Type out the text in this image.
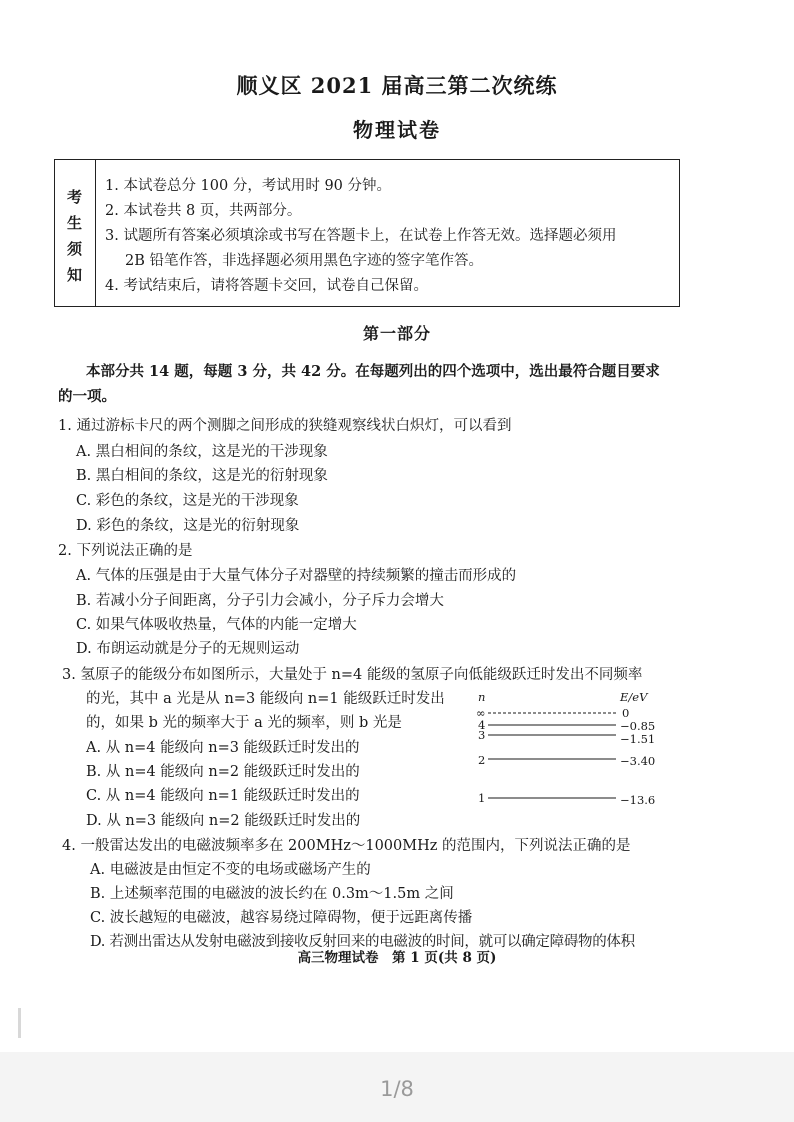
顺义区 2021 届高三第二次统练
物理试卷
考
生
须
知
1. 本试卷总分 100 分，考试用时 90 分钟。
2. 本试卷共 8 页，共两部分。
3. 试题所有答案必须填涂或书写在答题卡上，在试卷上作答无效。选择题必须用
2B 铅笔作答，非选择题必须用黑色字迹的签字笔作答。
4. 考试结束后，请将答题卡交回，试卷自己保留。
第一部分
本部分共 14 题，每题 3 分，共 42 分。在每题列出的四个选项中，选出最符合题目要求
的一项。
1. 通过游标卡尺的两个测脚之间形成的狭缝观察线状白炽灯，可以看到
A. 黑白相间的条纹，这是光的干涉现象
B. 黑白相间的条纹，这是光的衍射现象
C. 彩色的条纹，这是光的干涉现象
D. 彩色的条纹，这是光的衍射现象
2. 下列说法正确的是
A. 气体的压强是由于大量气体分子对器壁的持续频繁的撞击而形成的
B. 若减小分子间距离，分子引力会减小，分子斥力会增大
C. 如果气体吸收热量，气体的内能一定增大
D. 布朗运动就是分子的无规则运动
3. 氢原子的能级分布如图所示，大量处于 n=4 能级的氢原子向低能级跃迁时发出不同频率
的光，其中 a 光是从 n=3 能级向 n=1 能级跃迁时发出
的，如果 b 光的频率大于 a 光的频率，则 b 光是
A. 从 n=4 能级向 n=3 能级跃迁时发出的
B. 从 n=4 能级向 n=2 能级跃迁时发出的
C. 从 n=4 能级向 n=1 能级跃迁时发出的
D. 从 n=3 能级向 n=2 能级跃迁时发出的
n	E/eV
∞	0
4	−0.85
3	−1.51
2	−3.40
1	−13.6
4. 一般雷达发出的电磁波频率多在 200MHz～1000MHz 的范围内，下列说法正确的是
A. 电磁波是由恒定不变的电场或磁场产生的
B. 上述频率范围的电磁波的波长约在 0.3m～1.5m 之间
C. 波长越短的电磁波，越容易绕过障碍物，便于远距离传播
D. 若测出雷达从发射电磁波到接收反射回来的电磁波的时间，就可以确定障碍物的体积
高三物理试卷　第 1 页(共 8 页)
1/8
